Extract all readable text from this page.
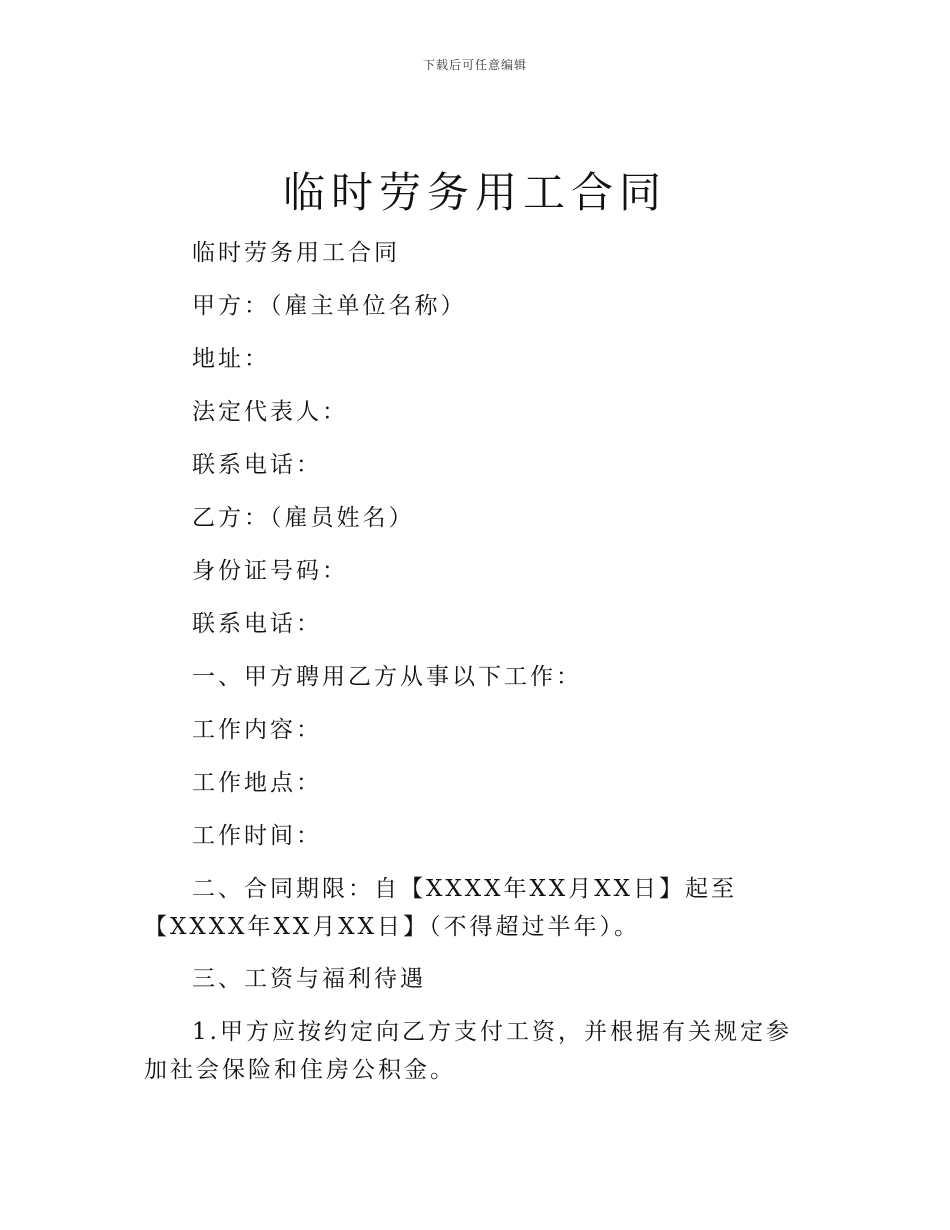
下载后可任意编辑
临时劳务用工合同

临时劳务用工合同

甲方：（雇主单位名称）

地址：

法定代表人：

联系电话：

乙方：（雇员姓名）

身份证号码：

联系电话：

一、甲方聘用乙方从事以下工作：

工作内容：

工作地点：

工作时间：

二、合同期限：自【XXXX年XX月XX日】起至【XXXX年XX月XX日】（不得超过半年）。

三、工资与福利待遇

1.甲方应按约定向乙方支付工资，并根据有关规定参加社会保险和住房公积金。
